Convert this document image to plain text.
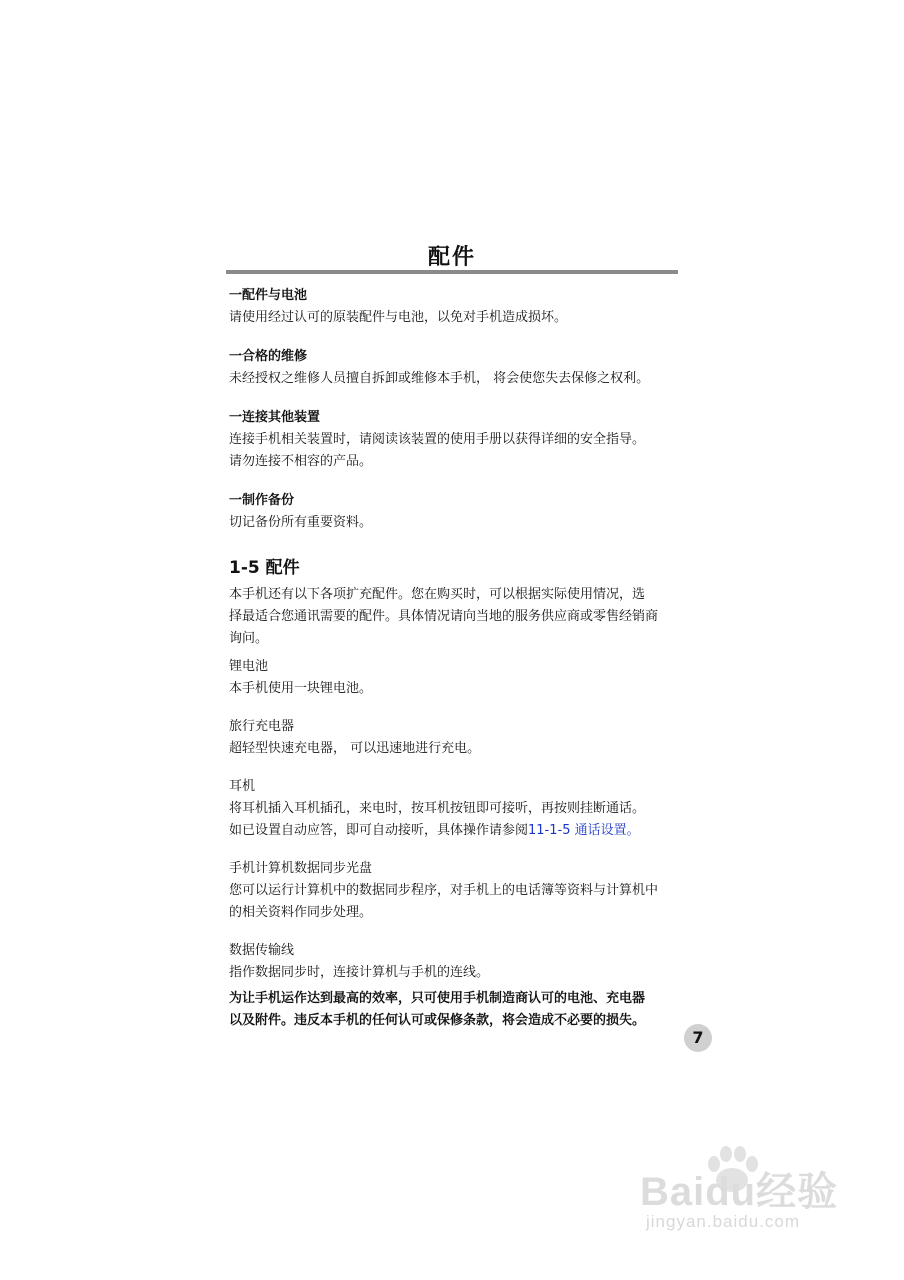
配件

一配件与电池

请使用经过认可的原装配件与电池，以免对手机造成损坏。

一合格的维修

未经授权之维修人员擅自拆卸或维修本手机， 将会使您失去保修之权利。

一连接其他装置

连接手机相关装置时，请阅读该装置的使用手册以获得详细的安全指导。

请勿连接不相容的产品。

一制作备份

切记备份所有重要资料。

1-5 配件

本手机还有以下各项扩充配件。您在购买时，可以根据实际使用情况，选

择最适合您通讯需要的配件。具体情况请向当地的服务供应商或零售经销商

询问。

锂电池

本手机使用一块锂电池。

旅行充电器

超轻型快速充电器， 可以迅速地进行充电。

耳机

将耳机插入耳机插孔，来电时，按耳机按钮即可接听，再按则挂断通话。

如已设置自动应答，即可自动接听，具体操作请参阅11-1-5 通话设置。

手机计算机数据同步光盘

您可以运行计算机中的数据同步程序，对手机上的电话簿等资料与计算机中

的相关资料作同步处理。

数据传输线

指作数据同步时，连接计算机与手机的连线。

为让手机运作达到最高的效率，只可使用手机制造商认可的电池、充电器

以及附件。违反本手机的任何认可或保修条款，将会造成不必要的损失。

7
Baidu经验
jingyan.baidu.com
